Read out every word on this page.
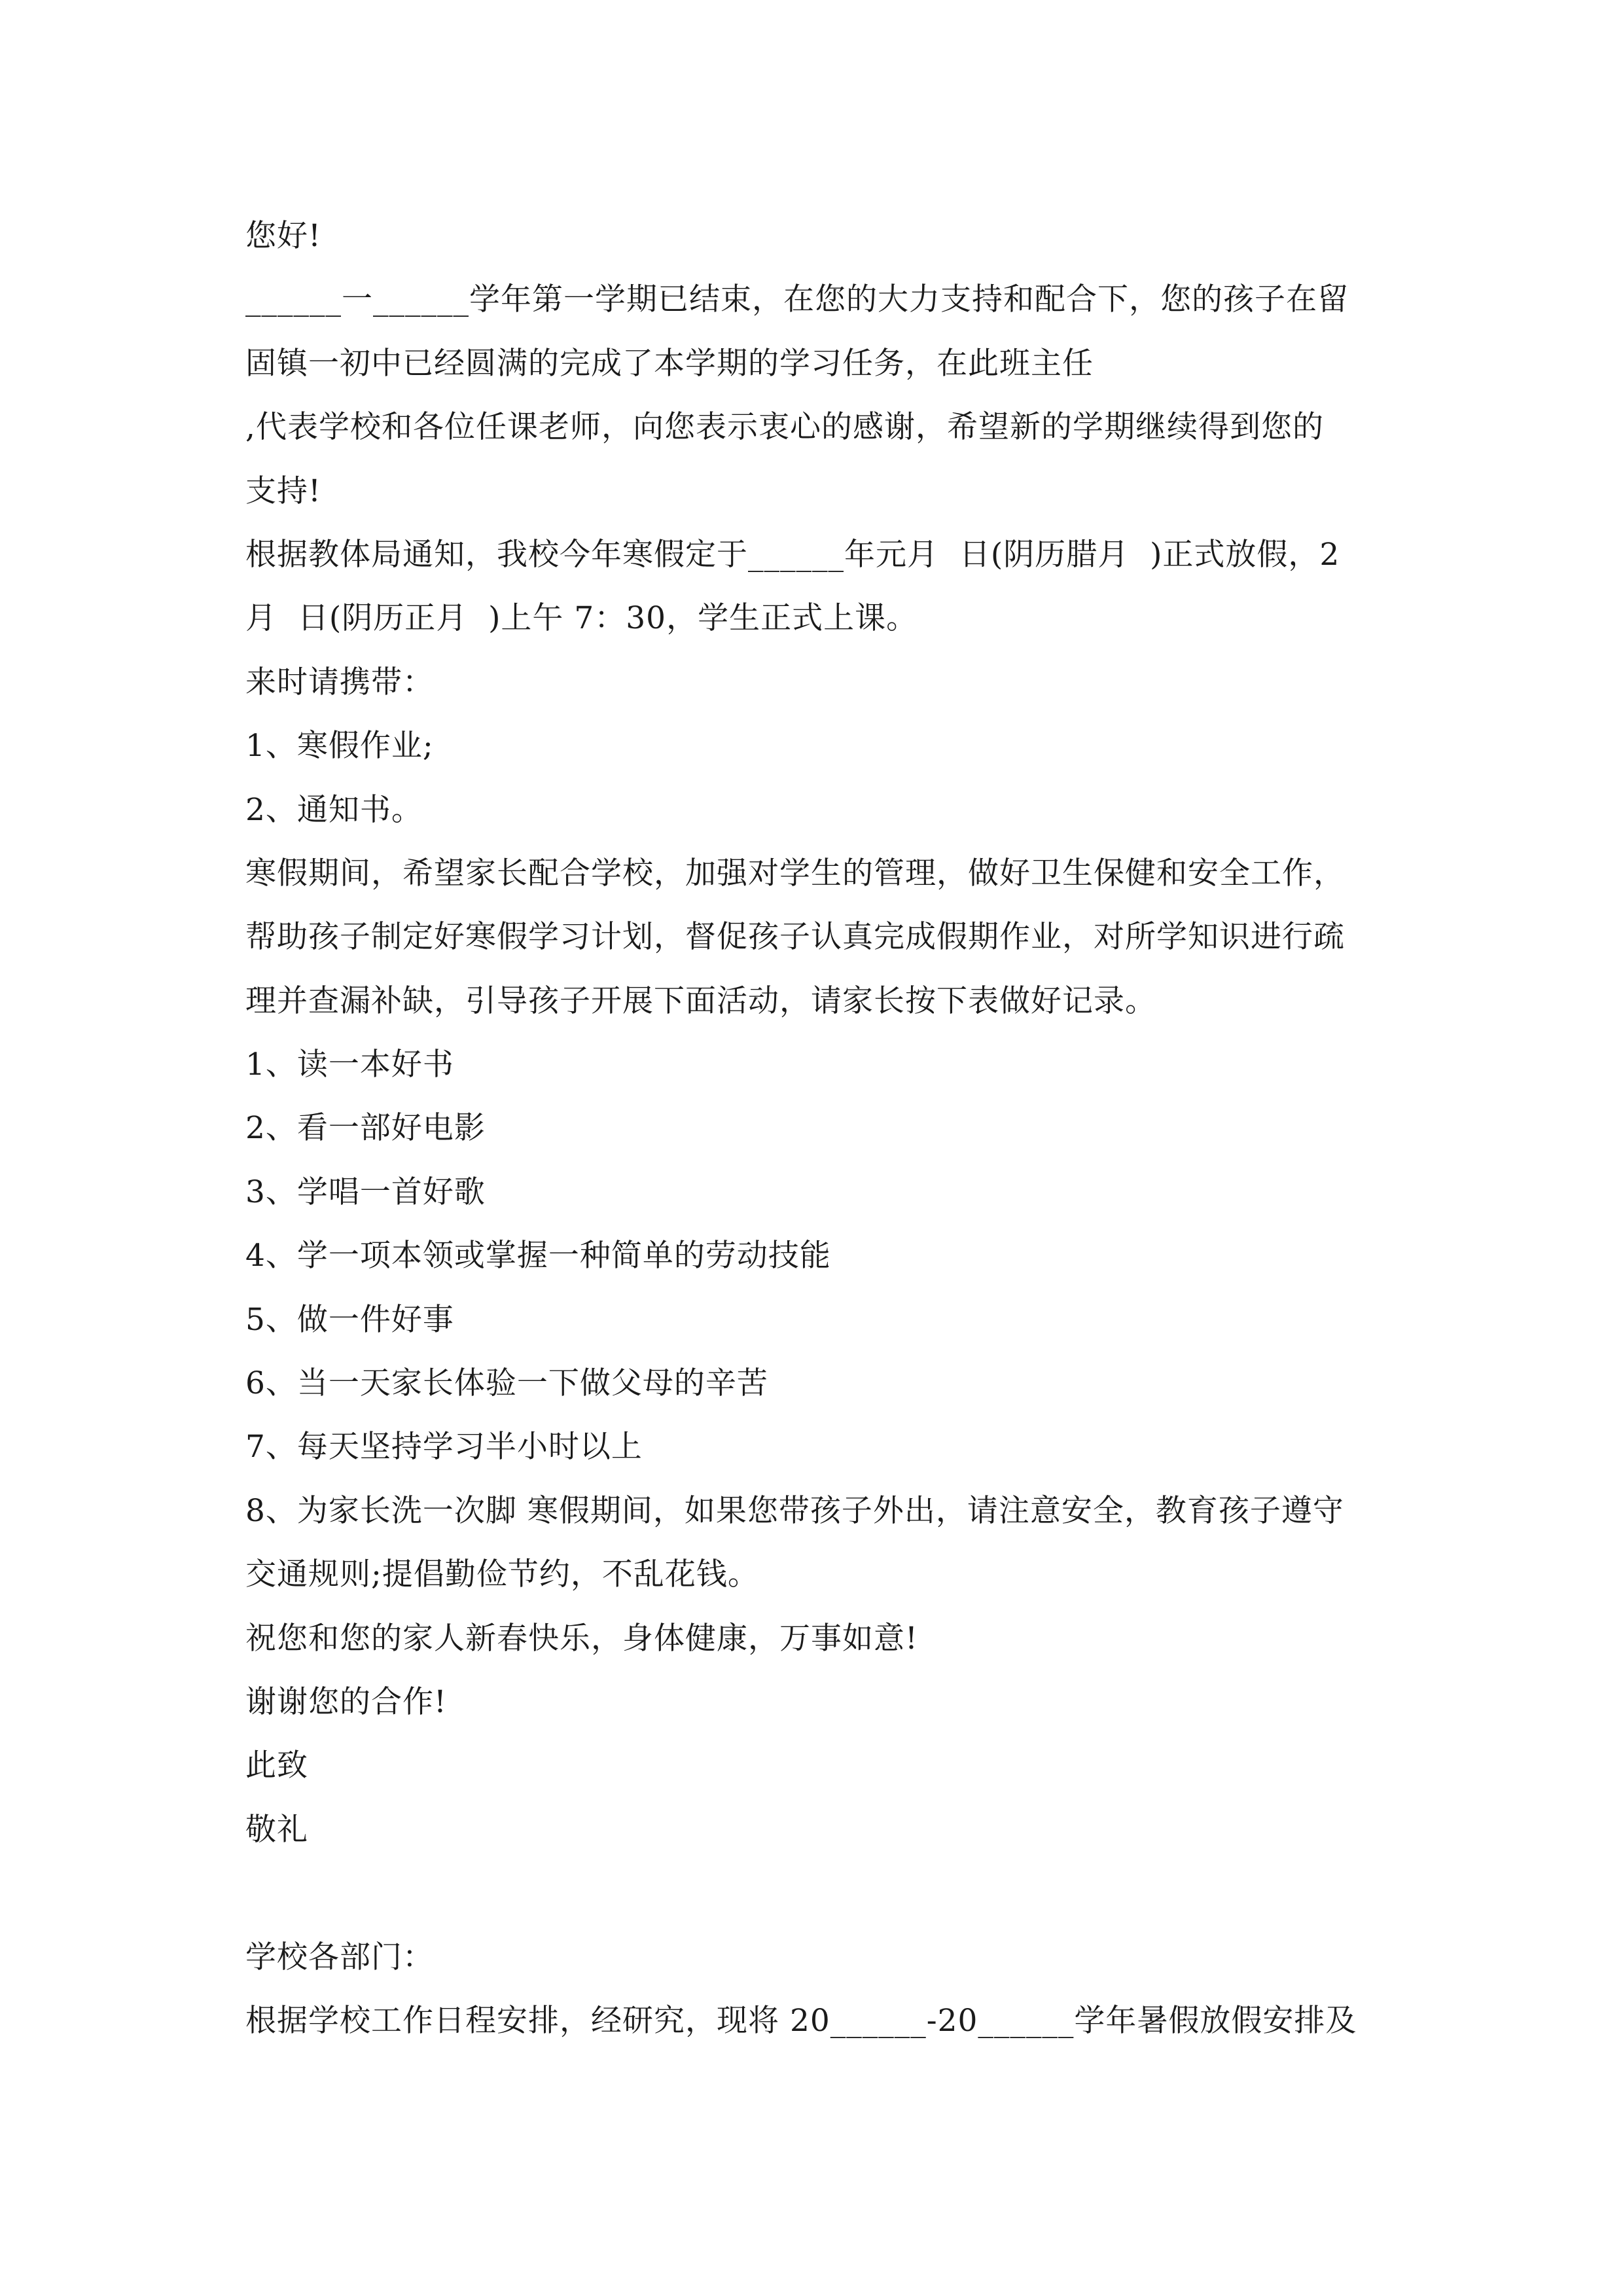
您好!
______一______学年第一学期已结束，在您的大力支持和配合下，您的孩子在留
固镇一初中已经圆满的完成了本学期的学习任务，在此班主任
,代表学校和各位任课老师，向您表示衷心的感谢，希望新的学期继续得到您的
支持!
根据教体局通知，我校今年寒假定于______年元月  日(阴历腊月  )正式放假，2
月  日(阴历正月  )上午 7：30，学生正式上课。
来时请携带：
1、寒假作业;
2、通知书。
寒假期间，希望家长配合学校，加强对学生的管理，做好卫生保健和安全工作，
帮助孩子制定好寒假学习计划，督促孩子认真完成假期作业，对所学知识进行疏
理并查漏补缺，引导孩子开展下面活动，请家长按下表做好记录。
1、读一本好书
2、看一部好电影
3、学唱一首好歌
4、学一项本领或掌握一种简单的劳动技能
5、做一件好事
6、当一天家长体验一下做父母的辛苦
7、每天坚持学习半小时以上
8、为家长洗一次脚 寒假期间，如果您带孩子外出，请注意安全，教育孩子遵守
交通规则;提倡勤俭节约，不乱花钱。
祝您和您的家人新春快乐，身体健康，万事如意!
谢谢您的合作!
此致
敬礼
学校各部门：
根据学校工作日程安排，经研究，现将 20______-20______学年暑假放假安排及
